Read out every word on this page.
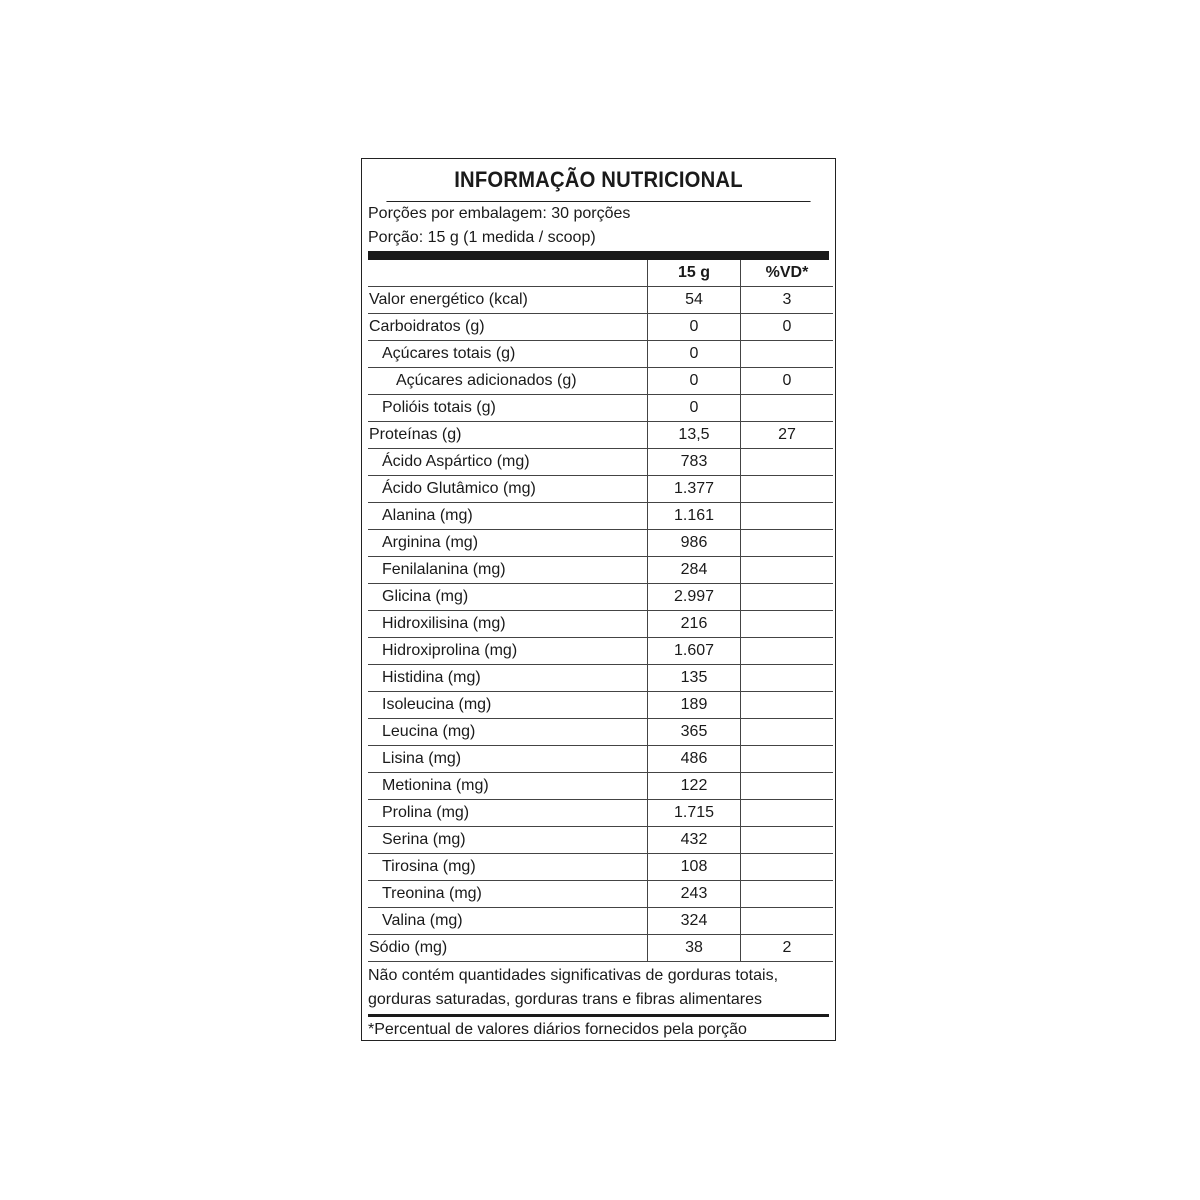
INFORMAÇÃO NUTRICIONAL
Porções por embalagem: 30 porções
Porção: 15 g (1 medida / scoop)
	15 g	%VD*
Valor energético (kcal)	54	3
Carboidratos (g)	0	0
Açúcares totais (g)	0	
Açúcares adicionados (g)	0	0
Polióis totais (g)	0	
Proteínas (g)	13,5	27
Ácido Aspártico (mg)	783	
Ácido Glutâmico (mg)	1.377	
Alanina (mg)	1.161	
Arginina (mg)	986	
Fenilalanina (mg)	284	
Glicina (mg)	2.997	
Hidroxilisina (mg)	216	
Hidroxiprolina (mg)	1.607	
Histidina (mg)	135	
Isoleucina (mg)	189	
Leucina (mg)	365	
Lisina (mg)	486	
Metionina (mg)	122	
Prolina (mg)	1.715	
Serina (mg)	432	
Tirosina (mg)	108	
Treonina (mg)	243	
Valina (mg)	324	
Sódio (mg)	38	2
Não contém quantidades significativas de gorduras totais,
gorduras saturadas, gorduras trans e fibras alimentares
*Percentual de valores diários fornecidos pela porção
